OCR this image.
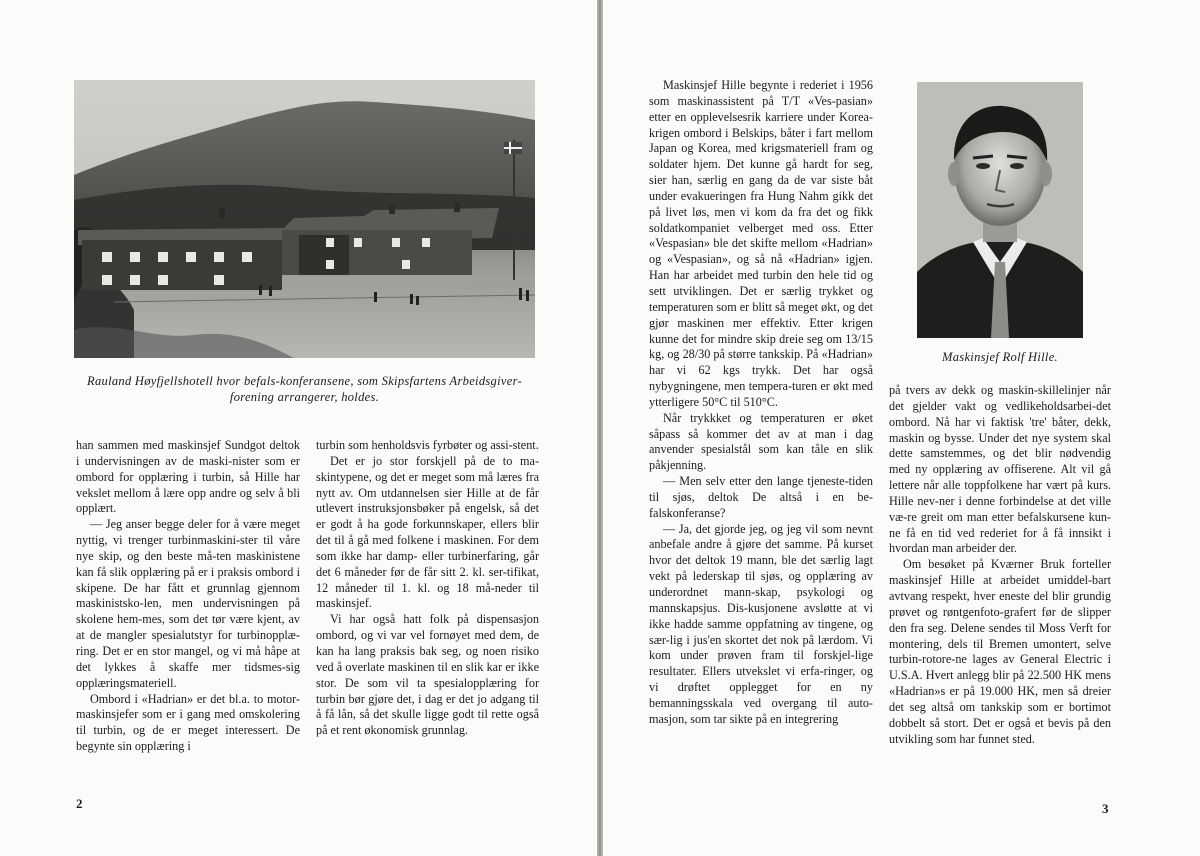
Rauland Høyfjellshotell hvor befals-konferansene, som Skipsfartens Arbeidsgiver-forening arrangerer, holdes.

han sammen med maskinsjef Sundgot deltok i undervisningen av de maski-nister som er ombord for opplæring i turbin, så Hille har vekslet mellom å lære opp andre og selv å bli opplært.

— Jeg anser begge deler for å være meget nyttig, vi trenger turbinmaskini-ster til våre nye skip, og den beste må-ten maskinistene kan få slik opplæring på er i praksis ombord i skipene. De har fått et grunnlag gjennom maskinistsko-len, men undervisningen på skolene hem-mes, som det tør være kjent, av at de mangler spesialutstyr for turbinopplæ-ring. Det er en stor mangel, og vi må håpe at det lykkes å skaffe mer tidsmes-sig opplæringsmateriell.

Ombord i «Hadrian» er det bl.a. to motor-maskinsjefer som er i gang med omskolering til turbin, og de er meget interessert. De begynte sin opplæring i

turbin som henholdsvis fyrbøter og assi-stent.

Det er jo stor forskjell på de to ma-skintypene, og det er meget som må læres fra nytt av. Om utdannelsen sier Hille at de får utlevert instruksjonsbøker på engelsk, så det er godt å ha gode forkunnskaper, ellers blir det til å gå med folkene i maskinen. For dem som ikke har damp- eller turbinerfaring, går det 6 måneder før de får sitt 2. kl. ser-tifikat, 12 måneder til 1. kl. og 18 må-neder til maskinsjef.

Vi har også hatt folk på dispensasjon ombord, og vi var vel fornøyet med dem, de kan ha lang praksis bak seg, og noen risiko ved å overlate maskinen til en slik kar er ikke stor. De som vil ta spesialopplæring for turbin bør gjøre det, i dag er det jo adgang til å få lån, så det skulle ligge godt til rette også på et rent økonomisk grunnlag.

2

Maskinsjef Hille begynte i rederiet i 1956 som maskinassistent på T/T «Ves-pasian» etter en opplevelsesrik karriere under Korea-krigen ombord i Belskips, båter i fart mellom Japan og Korea, med krigsmateriell fram og soldater hjem. Det kunne gå hardt for seg, sier han, særlig en gang da de var siste båt under evakueringen fra Hung Nahm gikk det på livet løs, men vi kom da fra det og fikk soldatkompaniet velberget med oss. Etter «Vespasian» ble det skifte mellom «Hadrian» og «Vespasian», og så nå «Hadrian» igjen. Han har arbeidet med turbin den hele tid og sett utviklingen. Det er særlig trykket og temperaturen som er blitt så meget økt, og det gjør maskinen mer effektiv. Etter krigen kunne det for mindre skip dreie seg om 13/15 kg, og 28/30 på større tankskip. På «Hadrian» har vi 62 kgs trykk. Det har også nybygningene, men tempera-turen er økt med ytterligere 50°C til 510°C.

Når trykkket og temperaturen er øket såpass så kommer det av at man i dag anvender spesialstål som kan tåle en slik påkjenning.

— Men selv etter den lange tjeneste-tiden til sjøs, deltok De altså i en be-falskonferanse?

— Ja, det gjorde jeg, og jeg vil som nevnt anbefale andre å gjøre det samme. På kurset hvor det deltok 19 mann, ble det særlig lagt vekt på lederskap til sjøs, og opplæring av underordnet mann-skap, psykologi og mannskapsjus. Dis-kusjonene avsløtte at vi ikke hadde samme oppfatning av tingene, og sær-lig i jus'en skortet det nok på lærdom. Vi kom under prøven fram til forskjel-lige resultater. Ellers utvekslet vi erfa-ringer, og vi drøftet opplegget for en ny bemanningsskala ved overgang til auto-masjon, som tar sikte på en integrering

Maskinsjef Rolf Hille.

på tvers av dekk og maskin-skillelinjer når det gjelder vakt og vedlikeholdsarbei-det ombord. Nå har vi faktisk 'tre' båter, dekk, maskin og bysse. Under det nye system skal dette samstemmes, og det blir nødvendig med ny opplæring av offiserene. Alt vil gå lettere når alle toppfolkene har vært på kurs. Hille nev-ner i denne forbindelse at det ville væ-re greit om man etter befalskursene kun-ne få en tid ved rederiet for å få innsikt i hvordan man arbeider der.

Om besøket på Kværner Bruk forteller maskinsjef Hille at arbeidet umiddel-bart avtvang respekt, hver eneste del blir grundig prøvet og røntgenfoto-grafert før de slipper den fra seg. Delene sendes til Moss Verft for montering, dels til Bremen umontert, selve turbin-rotore-ne lages av General Electric i U.S.A. Hvert anlegg blir på 22.500 HK mens «Hadrian»s er på 19.000 HK, men så dreier det seg altså om tankskip som er bortimot dobbelt så stort. Det er også et bevis på den utvikling som har funnet sted.

3
